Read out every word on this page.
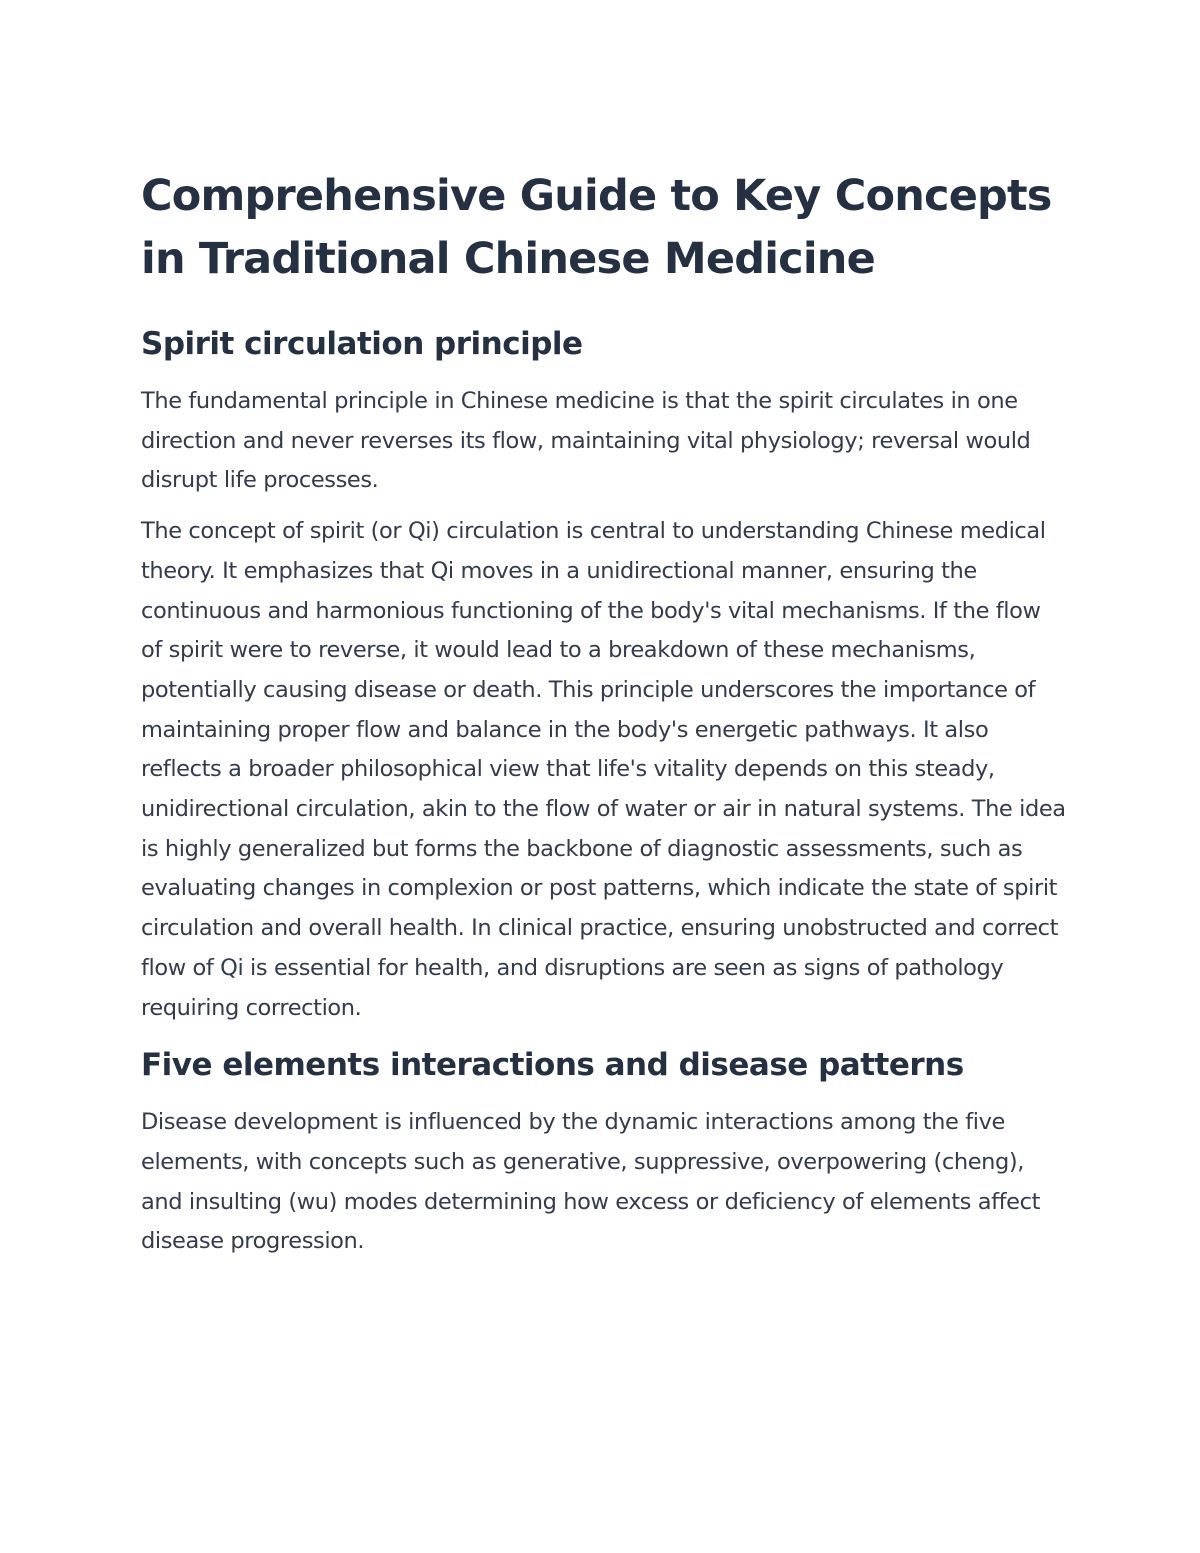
Comprehensive Guide to Key Concepts in Traditional Chinese Medicine
Spirit circulation principle

The fundamental principle in Chinese medicine is that the spirit circulates in one direction and never reverses its flow, maintaining vital physiology; reversal would disrupt life processes.

The concept of spirit (or Qi) circulation is central to understanding Chinese medical theory. It emphasizes that Qi moves in a unidirectional manner, ensuring the continuous and harmonious functioning of the body's vital mechanisms. If the flow of spirit were to reverse, it would lead to a breakdown of these mechanisms, potentially causing disease or death. This principle underscores the importance of maintaining proper flow and balance in the body's energetic pathways. It also reflects a broader philosophical view that life's vitality depends on this steady, unidirectional circulation, akin to the flow of water or air in natural systems. The idea is highly generalized but forms the backbone of diagnostic assessments, such as evaluating changes in complexion or post patterns, which indicate the state of spirit circulation and overall health. In clinical practice, ensuring unobstructed and correct flow of Qi is essential for health, and disruptions are seen as signs of pathology requiring correction.

Five elements interactions and disease patterns

Disease development is influenced by the dynamic interactions among the five elements, with concepts such as generative, suppressive, overpowering (cheng), and insulting (wu) modes determining how excess or deficiency of elements affect disease progression.
